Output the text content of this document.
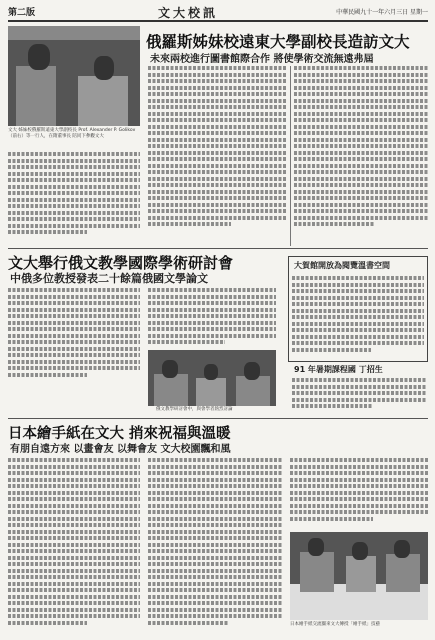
第二版	文大校訊	中華民國九十一年六月三日 星期一
俄羅斯姊妹校遠東大學副校長造訪文大
未來兩校進行圖書館際合作 將使學術交流無遠弗屆
文大 姊妹校俄羅斯遠東大學副校長 Prof. Alexander P. Golikov（前右）等一行人，在隋董事長 陪同下參觀文大
文大舉行俄文教學國際學術研討會
中俄多位教授發表二十餘篇俄國文學論文
俄文教學研討會中，與會學者熱烈討論
大賀館開放為閱覽溫書空間
91 年暑期課程國 丁招生
日本繪手紙在文大 捎來祝福與溫暖
有朋自遠方來 以畫會友 以舞會友 文大校園飄和風
日本繪手紙交流團來文大傳授「繪手紙」技藝
